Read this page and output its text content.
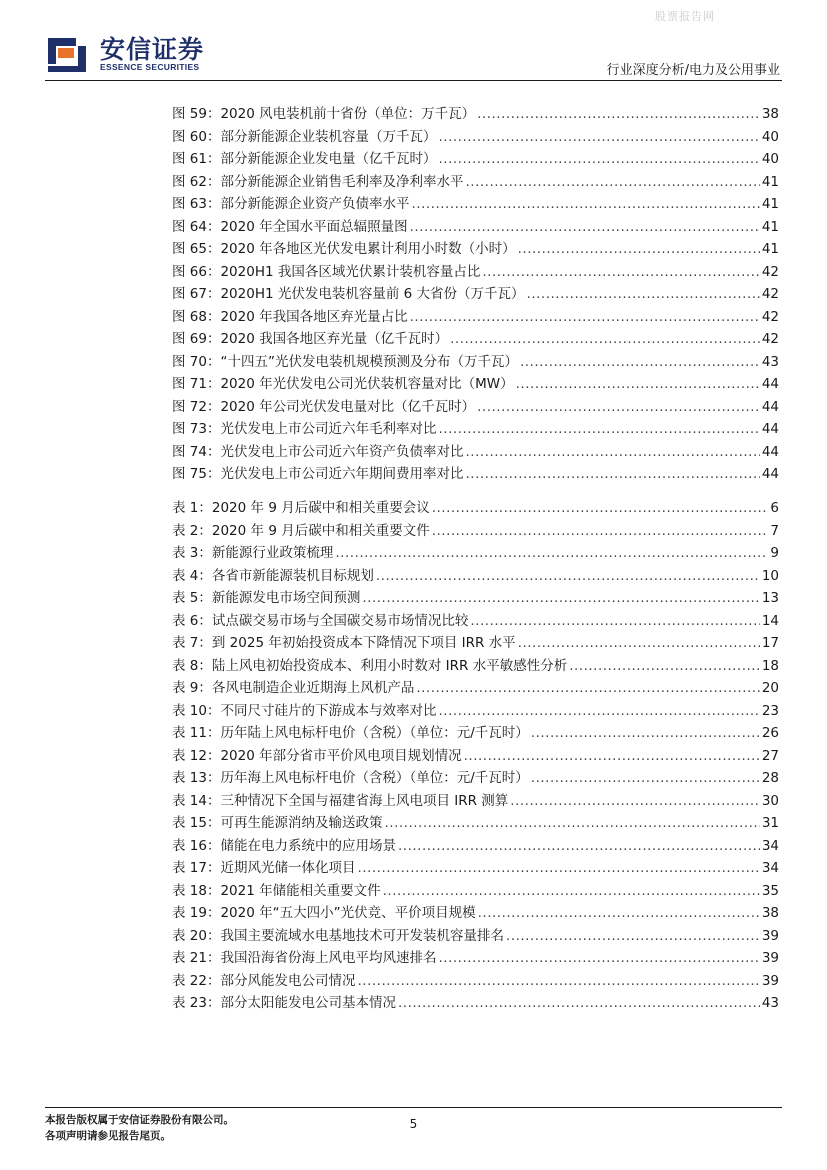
股票报告网
安信证券
ESSENCE SECURITIES	行业深度分析/电力及公用事业
图 59：2020 风电装机前十省份（单位：万千瓦） .....	38
图 60：部分新能源企业装机容量（万千瓦） .....	40
图 61：部分新能源企业发电量（亿千瓦时） .....	40
图 62：部分新能源企业销售毛利率及净利率水平 .....	41
图 63：部分新能源企业资产负债率水平 .....	41
图 64：2020 年全国水平面总辐照量图 .....	41
图 65：2020 年各地区光伏发电累计利用小时数（小时） .....	41
图 66：2020H1 我国各区域光伏累计装机容量占比 .....	42
图 67：2020H1 光伏发电装机容量前 6 大省份（万千瓦） .....	42
图 68：2020 年我国各地区弃光量占比 .....	42
图 69：2020 我国各地区弃光量（亿千瓦时） .....	42
图 70：“十四五”光伏发电装机规模预测及分布（万千瓦） .....	43
图 71：2020 年光伏发电公司光伏装机容量对比（MW） .....	44
图 72：2020 年公司光伏发电量对比（亿千瓦时） .....	44
图 73：光伏发电上市公司近六年毛利率对比 .....	44
图 74：光伏发电上市公司近六年资产负债率对比 .....	44
图 75：光伏发电上市公司近六年期间费用率对比 .....	44
表 1：2020 年 9 月后碳中和相关重要会议 .....	6
表 2：2020 年 9 月后碳中和相关重要文件 .....	7
表 3：新能源行业政策梳理 .....	9
表 4：各省市新能源装机目标规划 .....	10
表 5：新能源发电市场空间预测 .....	13
表 6：试点碳交易市场与全国碳交易市场情况比较 .....	14
表 7：到 2025 年初始投资成本下降情况下项目 IRR 水平 .....	17
表 8：陆上风电初始投资成本、利用小时数对 IRR 水平敏感性分析 .....	18
表 9：各风电制造企业近期海上风机产品 .....	20
表 10：不同尺寸硅片的下游成本与效率对比 .....	23
表 11：历年陆上风电标杆电价（含税）（单位：元/千瓦时） .....	26
表 12：2020 年部分省市平价风电项目规划情况 .....	27
表 13：历年海上风电标杆电价（含税）（单位：元/千瓦时） .....	28
表 14：三种情况下全国与福建省海上风电项目 IRR 测算 .....	30
表 15：可再生能源消纳及输送政策 .....	31
表 16：储能在电力系统中的应用场景 .....	34
表 17：近期风光储一体化项目 .....	34
表 18：2021 年储能相关重要文件 .....	35
表 19：2020 年“五大四小”光伏竞、平价项目规模 .....	38
表 20：我国主要流域水电基地技术可开发装机容量排名 .....	39
表 21：我国沿海省份海上风电平均风速排名 .....	39
表 22：部分风能发电公司情况 .....	39
表 23：部分太阳能发电公司基本情况 .....	43
本报告版权属于安信证券股份有限公司。
各项声明请参见报告尾页。
5
